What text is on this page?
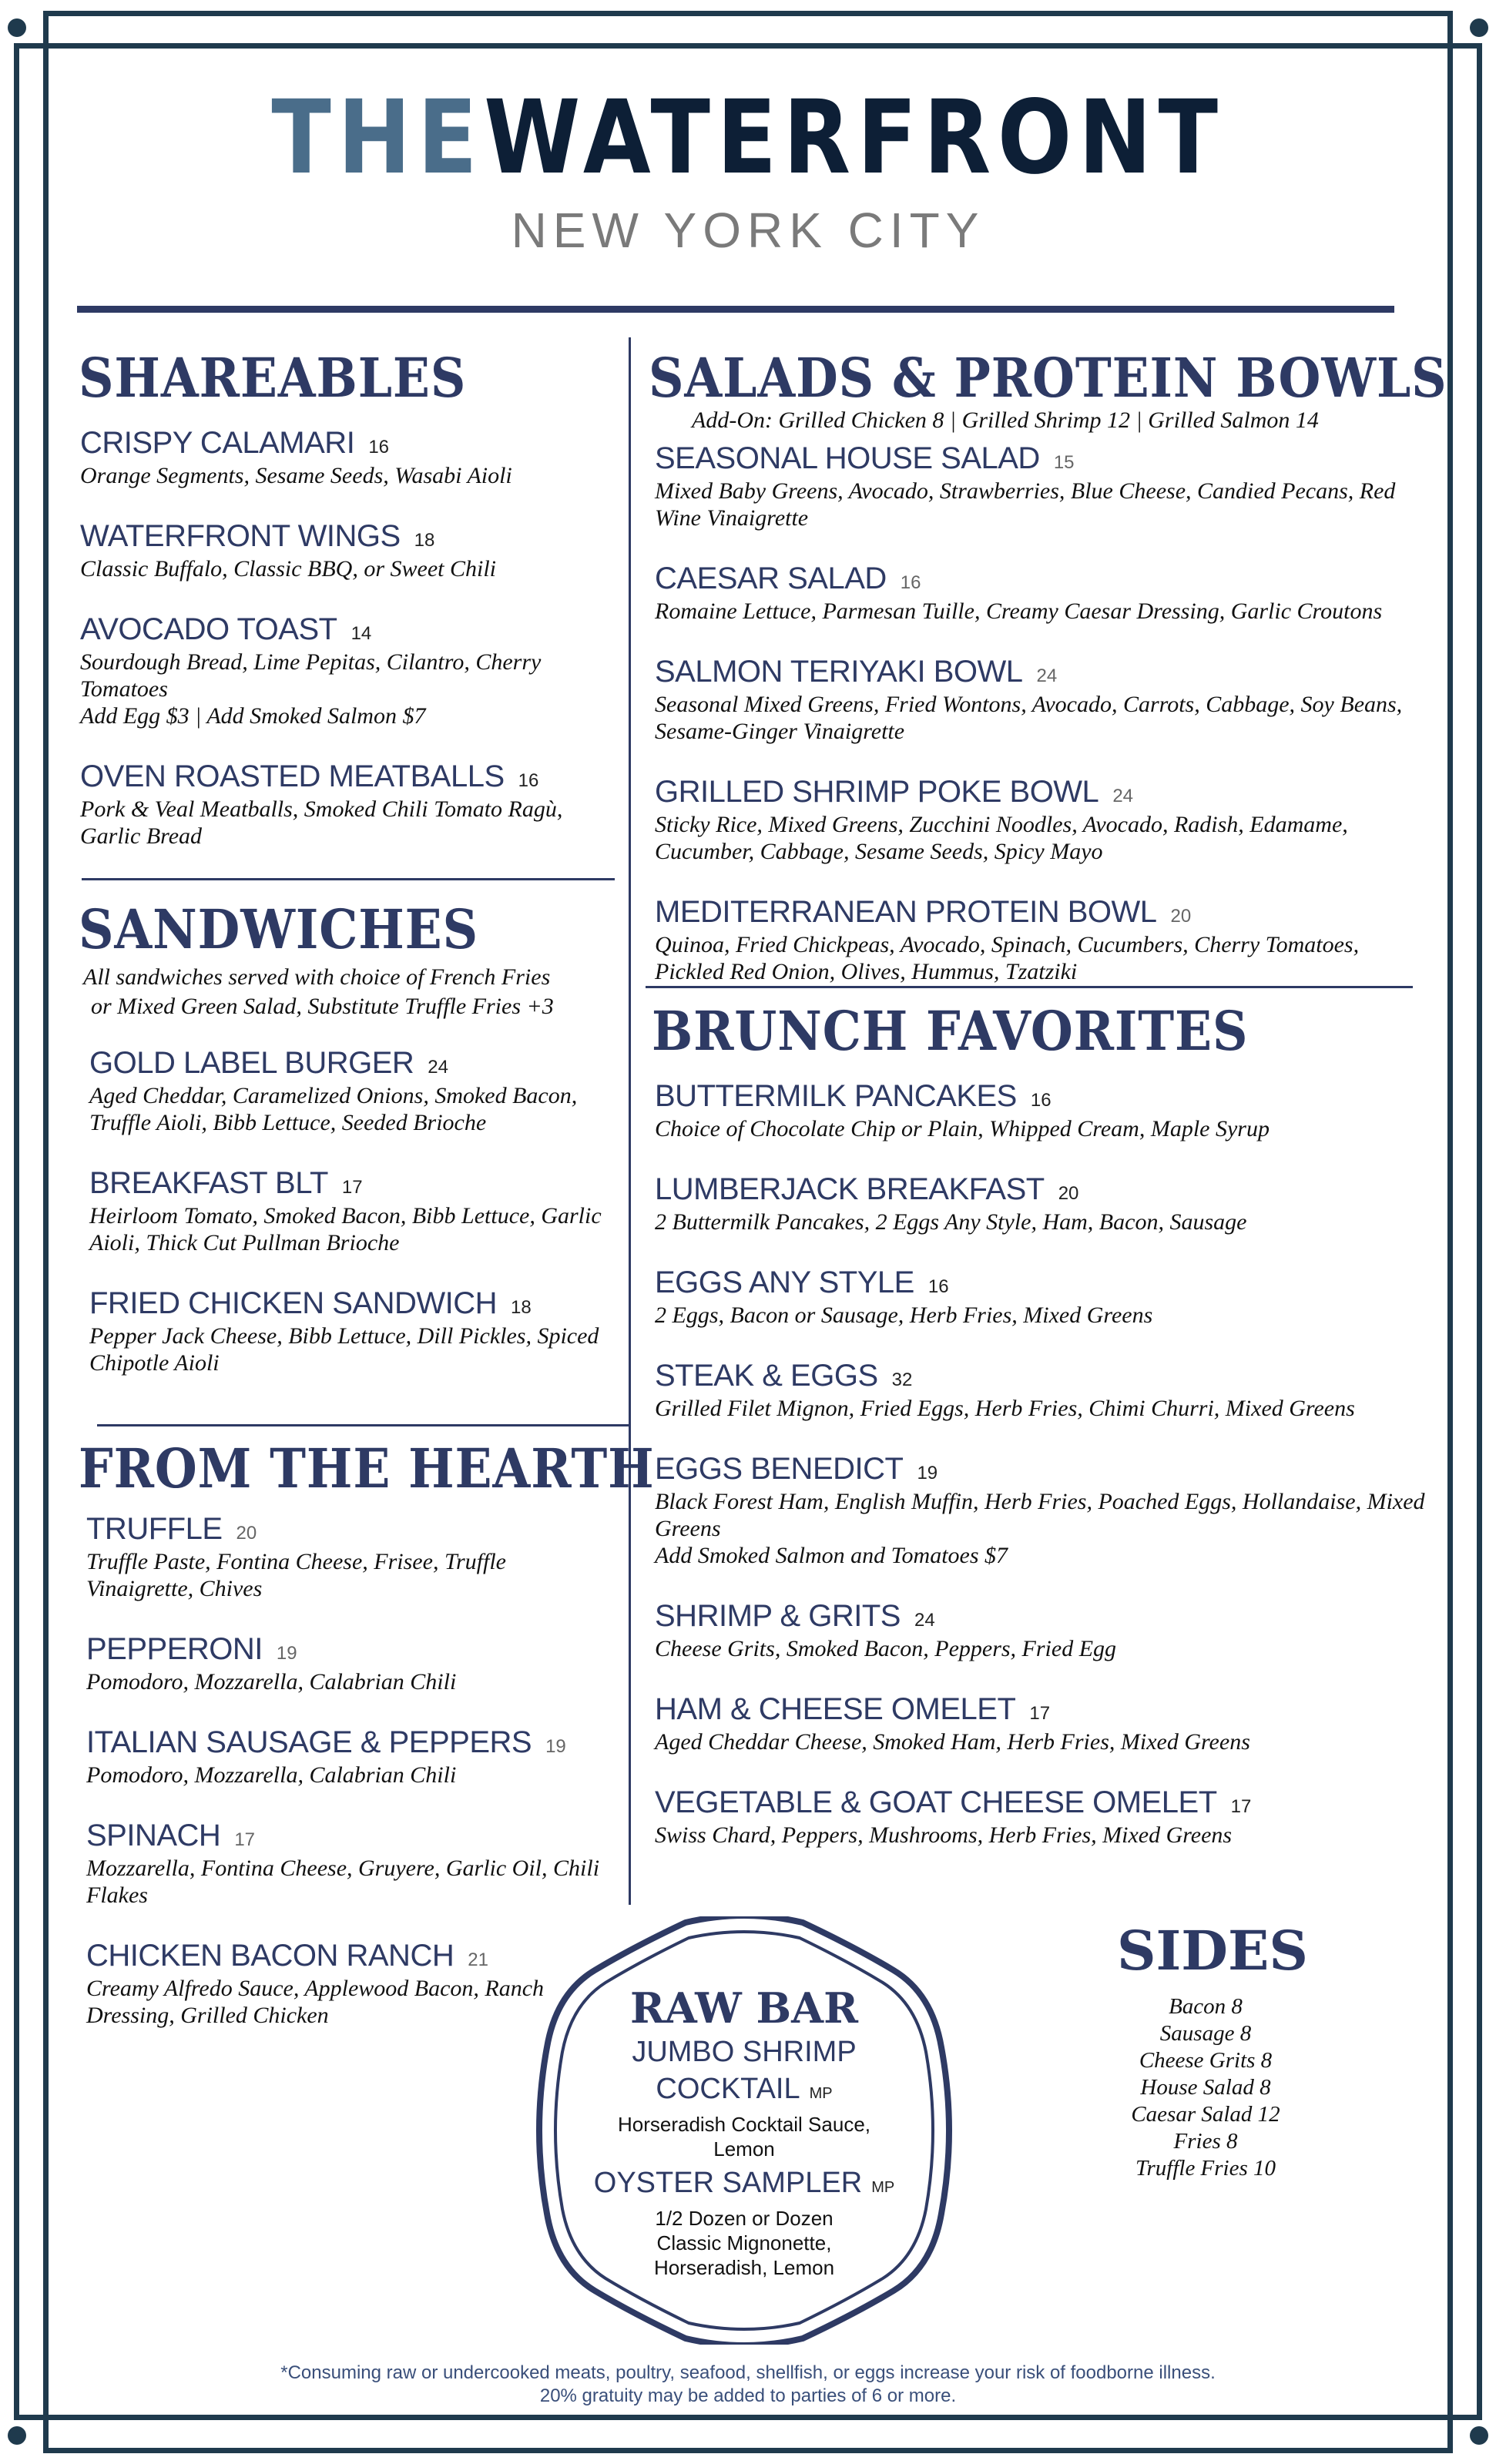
THEWATERFRONT
NEW YORK CITY
SHAREABLES
CRISPY CALAMARI 16
Orange Segments, Sesame Seeds, Wasabi Aioli
WATERFRONT WINGS 18
Classic Buffalo, Classic BBQ, or Sweet Chili
AVOCADO TOAST 14
Sourdough Bread, Lime Pepitas, Cilantro, Cherry Tomatoes
Add Egg $3 | Add Smoked Salmon $7
OVEN ROASTED MEATBALLS 16
Pork & Veal Meatballs, Smoked Chili Tomato Ragù, Garlic Bread
SANDWICHES
All sandwiches served with choice of French Fries
or Mixed Green Salad, Substitute Truffle Fries +3
GOLD LABEL BURGER 24
Aged Cheddar, Caramelized Onions, Smoked Bacon, Truffle Aioli, Bibb Lettuce, Seeded Brioche
BREAKFAST BLT 17
Heirloom Tomato, Smoked Bacon, Bibb Lettuce, Garlic Aioli, Thick Cut Pullman Brioche
FRIED CHICKEN SANDWICH 18
Pepper Jack Cheese, Bibb Lettuce, Dill Pickles, Spiced Chipotle Aioli
FROM THE HEARTH
TRUFFLE 20
Truffle Paste, Fontina Cheese, Frisee, Truffle Vinaigrette, Chives
PEPPERONI 19
Pomodoro, Mozzarella, Calabrian Chili
ITALIAN SAUSAGE & PEPPERS 19
Pomodoro, Mozzarella, Calabrian Chili
SPINACH 17
Mozzarella, Fontina Cheese, Gruyere, Garlic Oil, Chili Flakes
CHICKEN BACON RANCH 21
Creamy Alfredo Sauce, Applewood Bacon, Ranch Dressing, Grilled Chicken
SALADS & PROTEIN BOWLS
Add-On: Grilled Chicken 8 | Grilled Shrimp 12 | Grilled Salmon 14
SEASONAL HOUSE SALAD 15
Mixed Baby Greens, Avocado, Strawberries, Blue Cheese, Candied Pecans, Red Wine Vinaigrette
CAESAR SALAD 16
Romaine Lettuce, Parmesan Tuille, Creamy Caesar Dressing, Garlic Croutons
SALMON TERIYAKI BOWL 24
Seasonal Mixed Greens, Fried Wontons, Avocado, Carrots, Cabbage, Soy Beans, Sesame-Ginger Vinaigrette
GRILLED SHRIMP POKE BOWL 24
Sticky Rice, Mixed Greens, Zucchini Noodles, Avocado, Radish, Edamame, Cucumber, Cabbage, Sesame Seeds, Spicy Mayo
MEDITERRANEAN PROTEIN BOWL 20
Quinoa, Fried Chickpeas, Avocado, Spinach, Cucumbers, Cherry Tomatoes, Pickled Red Onion, Olives, Hummus, Tzatziki
BRUNCH FAVORITES
BUTTERMILK PANCAKES 16
Choice of Chocolate Chip or Plain, Whipped Cream, Maple Syrup
LUMBERJACK BREAKFAST 20
2 Buttermilk Pancakes, 2 Eggs Any Style, Ham, Bacon, Sausage
EGGS ANY STYLE 16
2 Eggs, Bacon or Sausage, Herb Fries, Mixed Greens
STEAK & EGGS 32
Grilled Filet Mignon, Fried Eggs, Herb Fries, Chimi Churri, Mixed Greens
EGGS BENEDICT 19
Black Forest Ham, English Muffin, Herb Fries, Poached Eggs, Hollandaise, Mixed Greens
Add Smoked Salmon and Tomatoes $7
SHRIMP & GRITS 24
Cheese Grits, Smoked Bacon, Peppers, Fried Egg
HAM & CHEESE OMELET 17
Aged Cheddar Cheese, Smoked Ham, Herb Fries, Mixed Greens
VEGETABLE & GOAT CHEESE OMELET 17
Swiss Chard, Peppers, Mushrooms, Herb Fries, Mixed Greens
RAW BAR
JUMBO SHRIMP
COCKTAIL MP
Horseradish Cocktail Sauce,
Lemon
OYSTER SAMPLER MP
1/2 Dozen or Dozen
Classic Mignonette,
Horseradish, Lemon
SIDES
Bacon 8
Sausage 8
Cheese Grits 8
House Salad 8
Caesar Salad 12
Fries 8
Truffle Fries 10
*Consuming raw or undercooked meats, poultry, seafood, shellfish, or eggs increase your risk of foodborne illness.
20% gratuity may be added to parties of 6 or more.
